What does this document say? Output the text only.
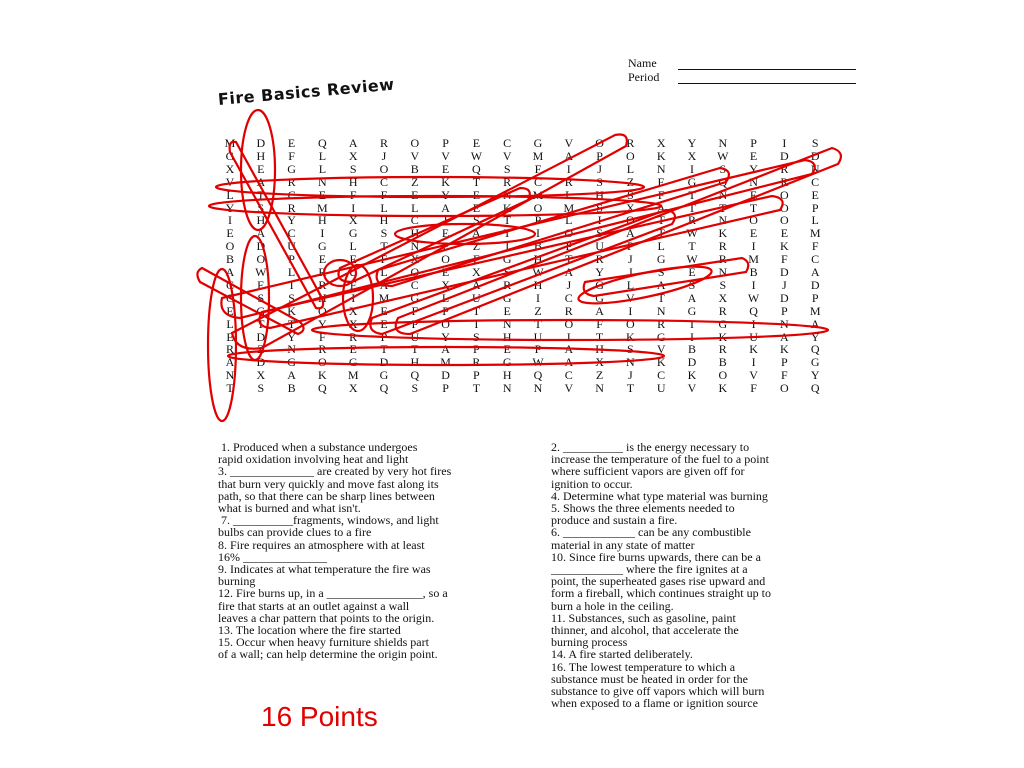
Name
Period
Fire Basics Review
M	D	E	Q	A	R	O	P	E	C	G	V	O	R	X	Y	N	P	I	S
G	H	F	L	X	J	V	V	W	V	M	A	P	O	K	X	W	E	D	D
X	E	G	L	S	O	B	E	Q	S	F	I	J	L	N	I	S	Y	R	N
V	A	R	N	H	C	Z	K	T	R	C	R	S	Z	E	G	Q	N	R	C
L	T	C	E	F	F	E	Y	E	N	M	L	H	S	F	T	N	E	O	E
Y	S	R	M	I	L	L	A	E	K	O	M	S	X	A	T	T	T	O	P
I	H	Y	H	X	H	C	I	S	T	P	L	I	O	T	R	N	O	O	L
E	A	C	I	G	S	H	E	A	T	I	O	S	A	T	W	K	E	E	M
O	D	U	G	L	T	N	P	Z	I	B	P	U	P	L	T	R	I	K	F
B	O	P	E	E	F	X	O	F	G	H	T	R	J	G	W	R	M	F	C
A	W	L	R	U	L	O	E	X	S	W	A	Y	J	S	E	N	B	D	A
C	E	I	R	F	A	C	X	A	R	H	J	G	L	A	S	S	I	J	D
C	S	S	H	I	M	G	L	U	G	I	C	G	V	T	A	X	W	D	P
E	G	K	O	X	E	F	P	T	E	Z	R	A	I	N	G	R	Q	P	M
L	T	T	Y	X	E	P	O	I	N	T	O	F	O	R	I	G	I	N	A
E	D	Y	F	R	P	U	Y	S	H	U	I	T	K	G	I	K	U	A	Y
R	Z	N	R	E	T	T	A	P	E	P	A	H	S	V	B	R	K	K	Q
A	D	G	O	G	D	H	M	R	G	W	A	X	N	K	D	B	I	P	G
N	X	A	K	M	G	Q	D	P	H	Q	C	Z	J	C	K	O	V	F	Y
T	S	B	Q	X	Q	S	P	T	N	N	V	N	T	U	V	K	F	O	Q

1. Produced when a substance undergoes

rapid oxidation involving heat and light

3. ______________ are created by very hot fires

that burn very quickly and move fast along its

path, so that there can be sharp lines between

what is burned and what isn't.

7. __________fragments, windows, and light

bulbs can provide clues to a fire

8. Fire requires an atmosphere with at least

16% ______________

9. Indicates at what temperature the fire was

burning

12. Fire burns up, in a ________________, so a

fire that starts at an outlet against a wall

leaves a char pattern that points to the origin.

13. The location where the fire started

15. Occur when heavy furniture shields part

of a wall; can help determine the origin point.

2. __________ is the energy necessary to

increase the temperature of the fuel to a point

where sufficient vapors are given off for

ignition to occur.

4. Determine what type material was burning

5. Shows the three elements needed to

produce and sustain a fire.

6. ____________ can be any combustible

material in any state of matter

10. Since fire burns upwards, there can be a

____________ where the fire ignites at a

point, the superheated gases rise upward and

form a fireball, which continues straight up to

burn a hole in the ceiling.

11. Substances, such as gasoline, paint

thinner, and alcohol, that accelerate the

burning process

14. A fire started deliberately.

16. The lowest temperature to which a

substance must be heated in order for the

substance to give off vapors which will burn

when exposed to a flame or ignition source

16 Points
